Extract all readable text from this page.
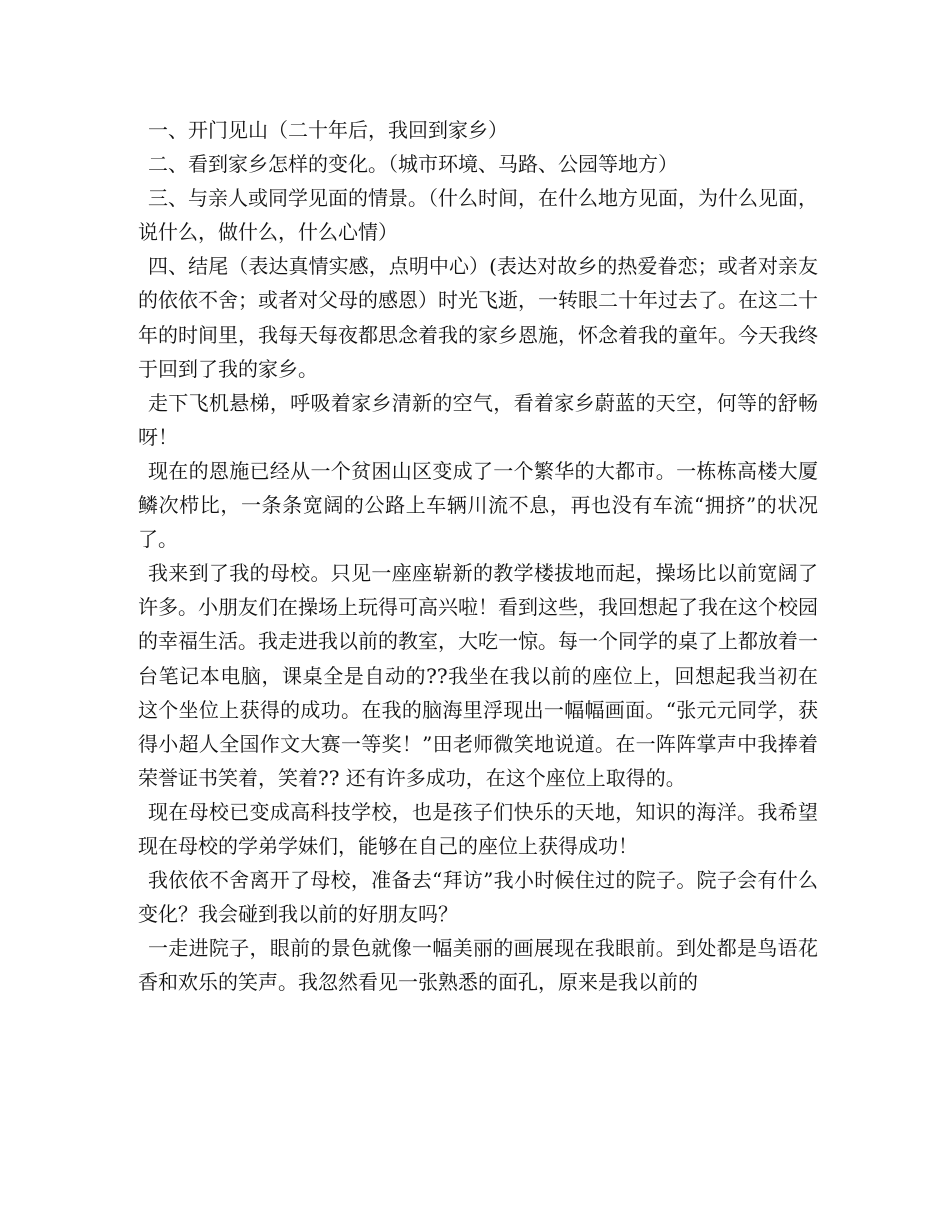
一、开门见山（二十年后，我回到家乡）

二、看到家乡怎样的变化。（城市环境、马路、公园等地方）

三、与亲人或同学见面的情景。（什么时间，在什么地方见面，为什么见面，说什么，做什么，什么心情）

四、结尾（表达真情实感，点明中心）(表达对故乡的热爱眷恋；或者对亲友的依依不舍；或者对父母的感恩）时光飞逝，一转眼二十年过去了。在这二十年的时间里，我每天每夜都思念着我的家乡恩施，怀念着我的童年。今天我终于回到了我的家乡。

走下飞机悬梯，呼吸着家乡清新的空气，看着家乡蔚蓝的天空，何等的舒畅呀！

现在的恩施已经从一个贫困山区变成了一个繁华的大都市。一栋栋高楼大厦鳞次栉比，一条条宽阔的公路上车辆川流不息，再也没有车流“拥挤”的状况了。

我来到了我的母校。只见一座座崭新的教学楼拔地而起，操场比以前宽阔了许多。小朋友们在操场上玩得可高兴啦！看到这些，我回想起了我在这个校园的幸福生活。我走进我以前的教室，大吃一惊。每一个同学的桌了上都放着一台笔记本电脑，课桌全是自动的??我坐在我以前的座位上，回想起我当初在这个坐位上获得的成功。在我的脑海里浮现出一幅幅画面。“张元元同学，获得小超人全国作文大赛一等奖！”田老师微笑地说道。在一阵阵掌声中我捧着荣誉证书笑着，笑着?? 还有许多成功，在这个座位上取得的。

现在母校已变成高科技学校，也是孩子们快乐的天地，知识的海洋。我希望现在母校的学弟学妹们，能够在自己的座位上获得成功！

我依依不舍离开了母校，准备去“拜访”我小时候住过的院子。院子会有什么变化？我会碰到我以前的好朋友吗？

一走进院子，眼前的景色就像一幅美丽的画展现在我眼前。到处都是鸟语花香和欢乐的笑声。我忽然看见一张熟悉的面孔，原来是我以前的
